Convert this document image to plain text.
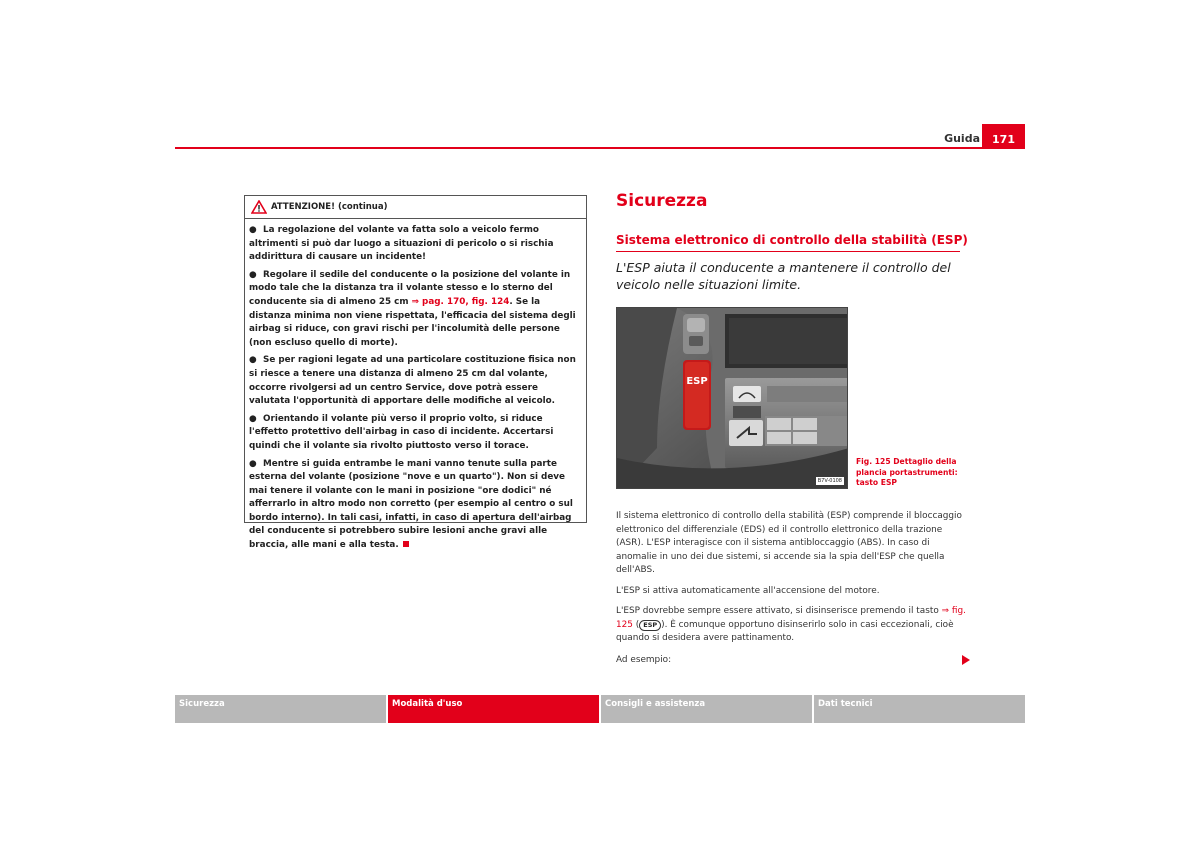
Guida	171
ATTENZIONE! (continua)
● La regolazione del volante va fatta solo a veicolo fermo altrimenti si può dar luogo a situazioni di pericolo o si rischia addirittura di causare un incidente!
● Regolare il sedile del conducente o la posizione del volante in modo tale che la distanza tra il volante stesso e lo sterno del conducente sia di almeno 25 cm ⇒ pag. 170, fig. 124. Se la distanza minima non viene rispettata, l'efficacia del sistema degli airbag si riduce, con gravi rischi per l'incolumità delle persone (non escluso quello di morte).
● Se per ragioni legate ad una particolare costituzione fisica non si riesce a tenere una distanza di almeno 25 cm dal volante, occorre rivolgersi ad un centro Service, dove potrà essere valutata l'opportunità di apportare delle modifiche al veicolo.
● Orientando il volante più verso il proprio volto, si riduce l'effetto protettivo dell'airbag in caso di incidente. Accertarsi quindi che il volante sia rivolto piuttosto verso il torace.
● Mentre si guida entrambe le mani vanno tenute sulla parte esterna del volante (posizione "nove e un quarto"). Non si deve mai tenere il volante con le mani in posizione "ore dodici" né afferrarlo in altro modo non corretto (per esempio al centro o sul bordo interno). In tali casi, infatti, in caso di apertura dell'airbag del conducente si potrebbero subire lesioni anche gravi alle braccia, alle mani e alla testa.
Sicurezza
Sistema elettronico di controllo della stabilità (ESP)
L'ESP aiuta il conducente a mantenere il controllo del veicolo nelle situazioni limite.
ESP
B7V-0108
Fig. 125 Dettaglio della plancia portastrumenti: tasto ESP
Il sistema elettronico di controllo della stabilità (ESP) comprende il bloccaggio elettronico del differenziale (EDS) ed il controllo elettronico della trazione (ASR). L'ESP interagisce con il sistema antibloccaggio (ABS). In caso di anomalie in uno dei due sistemi, si accende sia la spia dell'ESP che quella dell'ABS.
L'ESP si attiva automaticamente all'accensione del motore.
L'ESP dovrebbe sempre essere attivato, si disinserisce premendo il tasto ⇒ fig. 125 ( ESP ). È comunque opportuno disinserirlo solo in casi eccezionali, cioè quando si desidera avere pattinamento.
Ad esempio:
Sicurezza	Modalità d'uso	Consigli e assistenza	Dati tecnici
